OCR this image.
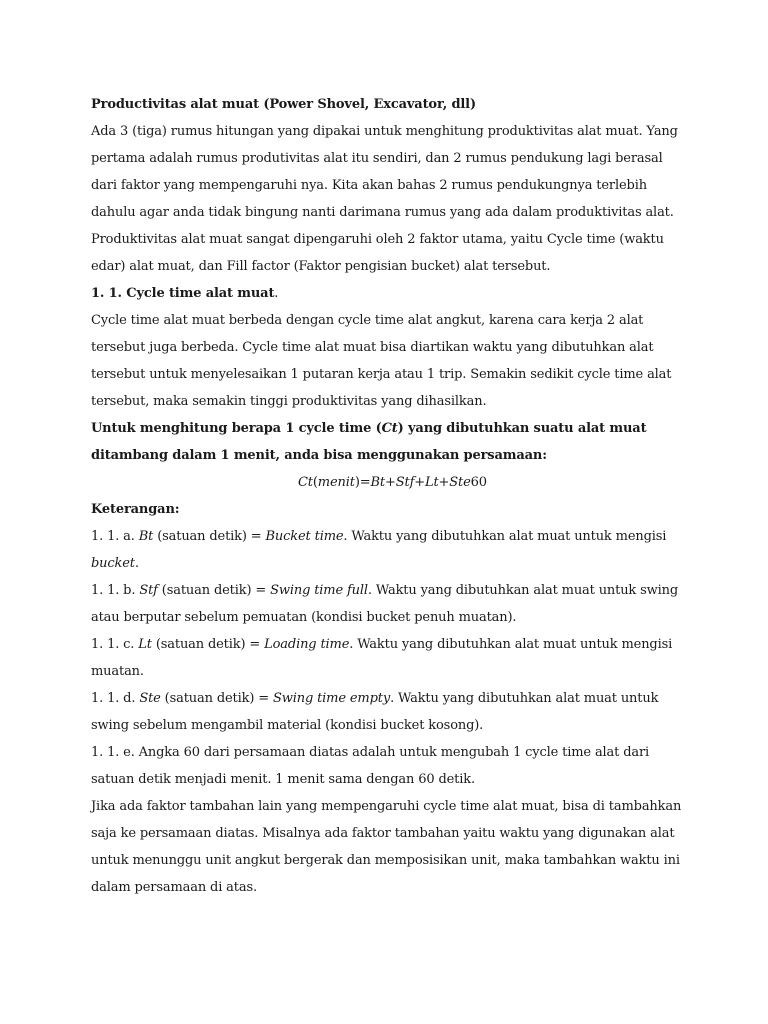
Productivitas alat muat (Power Shovel, Excavator, dll)
Ada 3 (tiga) rumus hitungan yang dipakai untuk menghitung produktivitas alat muat. Yang
pertama adalah rumus produtivitas alat itu sendiri, dan 2 rumus pendukung lagi berasal
dari faktor yang mempengaruhi nya. Kita akan bahas 2 rumus pendukungnya terlebih
dahulu agar anda tidak bingung nanti darimana rumus yang ada dalam produktivitas alat.
Produktivitas alat muat sangat dipengaruhi oleh 2 faktor utama, yaitu Cycle time (waktu
edar) alat muat, dan Fill factor (Faktor pengisian bucket) alat tersebut.
1. 1. Cycle time alat muat.
Cycle time alat muat berbeda dengan cycle time alat angkut, karena cara kerja 2 alat
tersebut juga berbeda. Cycle time alat muat bisa diartikan waktu yang dibutuhkan alat
tersebut untuk menyelesaikan 1 putaran kerja atau 1 trip. Semakin sedikit cycle time alat
tersebut, maka semakin tinggi produktivitas yang dihasilkan.
Untuk menghitung berapa 1 cycle time (Ct) yang dibutuhkan suatu alat muat
ditambang dalam 1 menit, anda bisa menggunakan persamaan:
Ct(menit)=Bt+Stf+Lt+Ste60
Keterangan:
1. 1. a. Bt (satuan detik) = Bucket time. Waktu yang dibutuhkan alat muat untuk mengisi
bucket.
1. 1. b. Stf (satuan detik) = Swing time full. Waktu yang dibutuhkan alat muat untuk swing
atau berputar sebelum pemuatan (kondisi bucket penuh muatan).
1. 1. c. Lt (satuan detik) = Loading time. Waktu yang dibutuhkan alat muat untuk mengisi
muatan.
1. 1. d. Ste (satuan detik) = Swing time empty. Waktu yang dibutuhkan alat muat untuk
swing sebelum mengambil material (kondisi bucket kosong).
1. 1. e. Angka 60 dari persamaan diatas adalah untuk mengubah 1 cycle time alat dari
satuan detik menjadi menit. 1 menit sama dengan 60 detik.
Jika ada faktor tambahan lain yang mempengaruhi cycle time alat muat, bisa di tambahkan
saja ke persamaan diatas. Misalnya ada faktor tambahan yaitu waktu yang digunakan alat
untuk menunggu unit angkut bergerak dan memposisikan unit, maka tambahkan waktu ini
dalam persamaan di atas.
